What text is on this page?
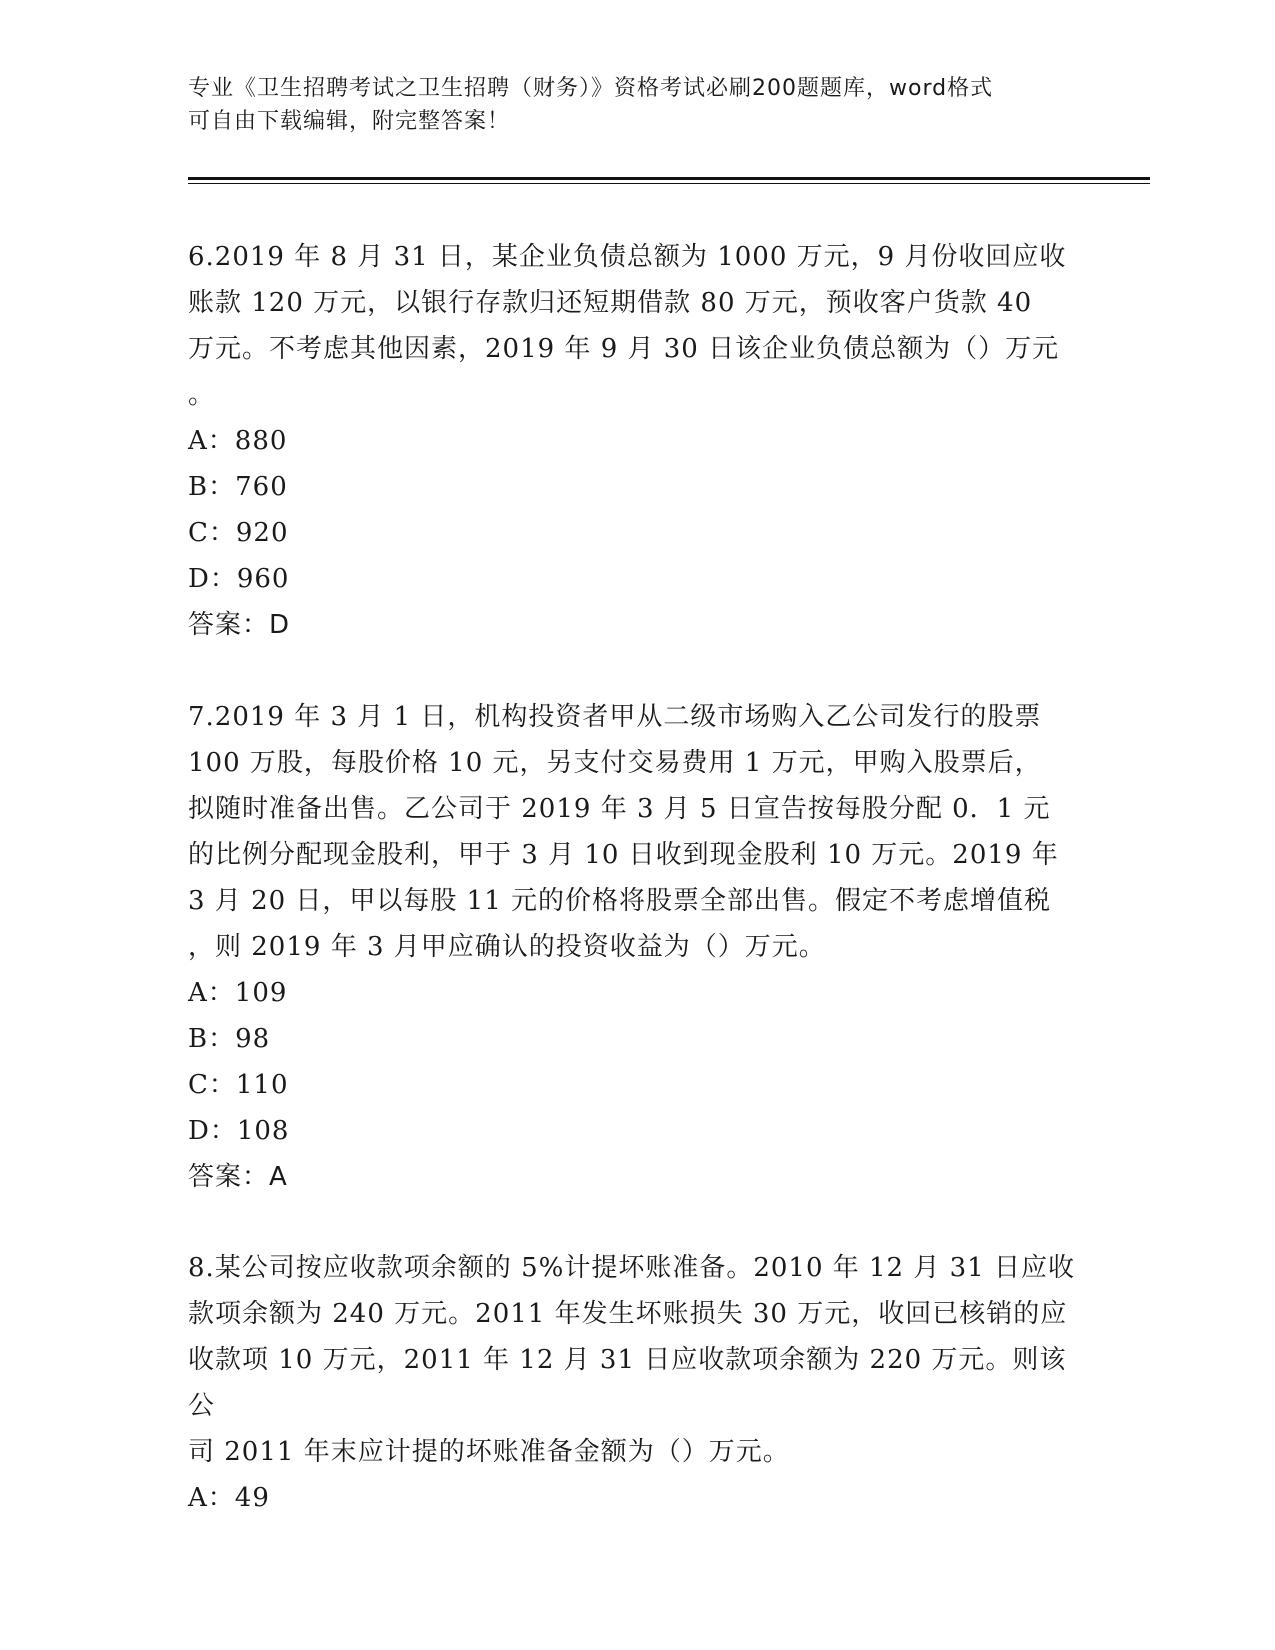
专业《卫生招聘考试之卫生招聘（财务）》资格考试必刷200题题库，word格式
可自由下载编辑，附完整答案！

6.2019 年 8 月 31 日，某企业负债总额为 1000 万元，9 月份收回应收
账款 120 万元，以银行存款归还短期借款 80 万元，预收客户货款 40
万元。不考虑其他因素，2019 年 9 月 30 日该企业负债总额为（）万元
。

A：880

B：760

C：920

D：960

答案：D

7.2019 年 3 月 1 日，机构投资者甲从二级市场购入乙公司发行的股票
100 万股，每股价格 10 元，另支付交易费用 1 万元，甲购入股票后，
拟随时准备出售。乙公司于 2019 年 3 月 5 日宣告按每股分配 0．1 元
的比例分配现金股利，甲于 3 月 10 日收到现金股利 10 万元。2019 年
3 月 20 日，甲以每股 11 元的价格将股票全部出售。假定不考虑增值税
，则 2019 年 3 月甲应确认的投资收益为（）万元。

A：109

B：98

C：110

D：108

答案：A

8.某公司按应收款项余额的 5%计提坏账准备。2010 年 12 月 31 日应收
款项余额为 240 万元。2011 年发生坏账损失 30 万元，收回已核销的应
收款项 10 万元，2011 年 12 月 31 日应收款项余额为 220 万元。则该公
司 2011 年末应计提的坏账准备金额为（）万元。

A：49
